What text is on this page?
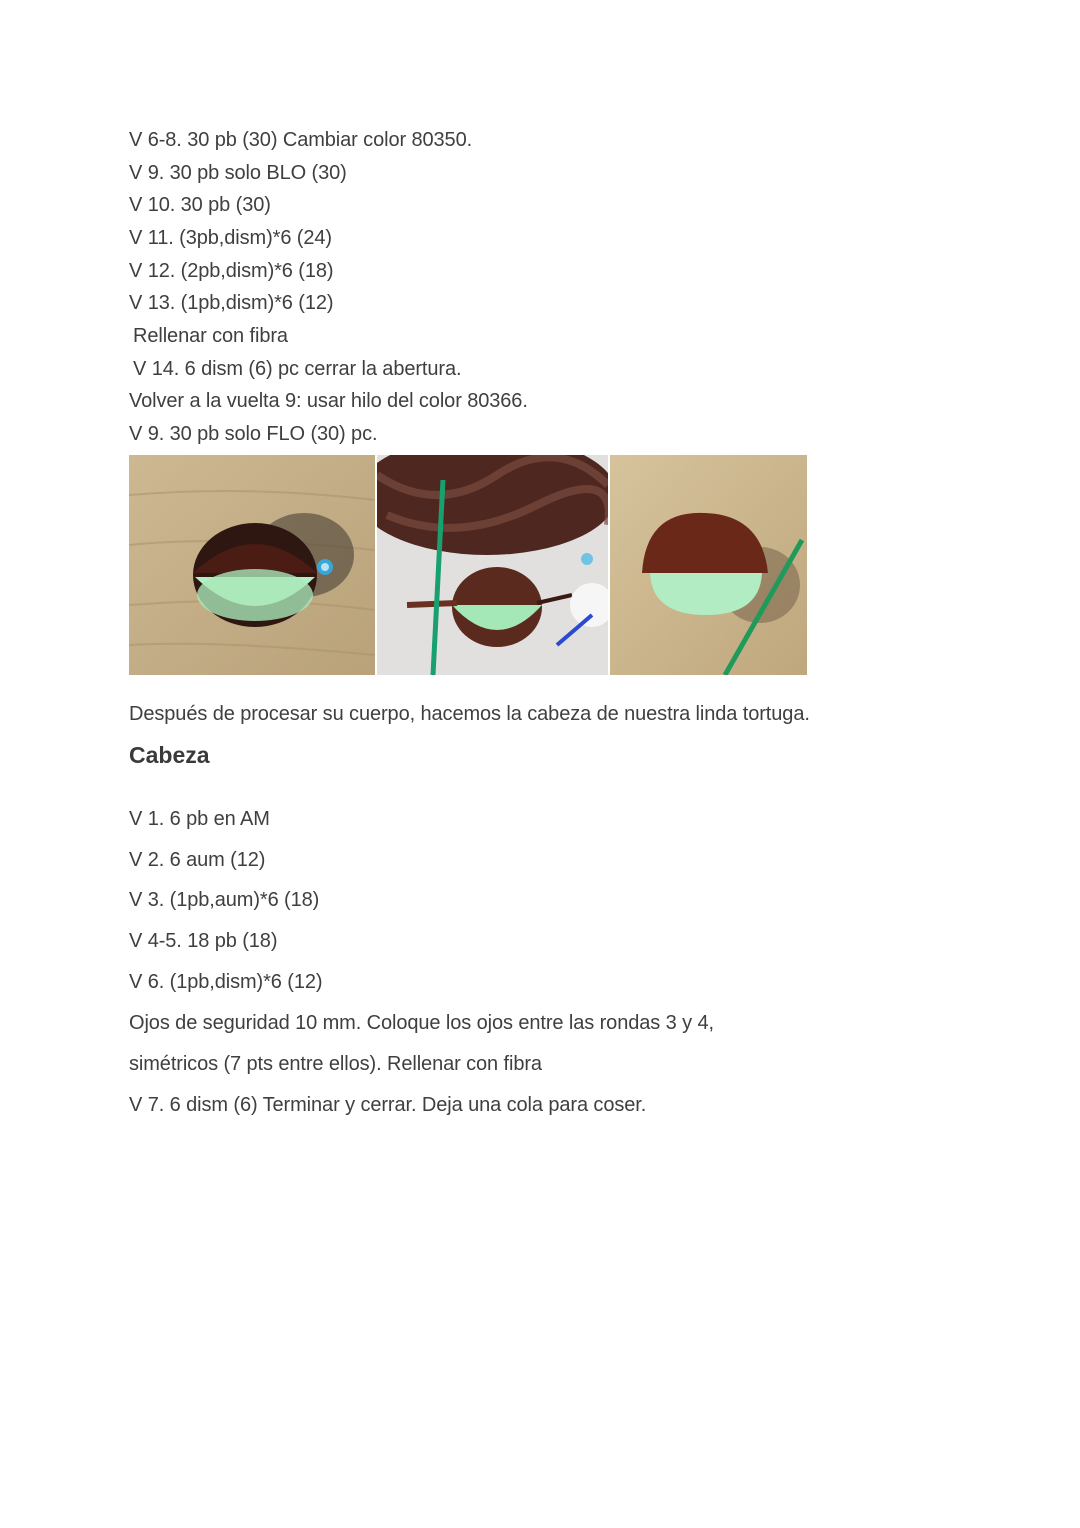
V 6-8. 30 pb (30) Cambiar color 80350.
V 9. 30 pb solo BLO (30)
V 10. 30 pb (30)
V 11. (3pb,dism)*6 (24)
V 12. (2pb,dism)*6 (18)
V 13. (1pb,dism)*6 (12)
Rellenar con fibra
V 14. 6 dism (6) pc cerrar la abertura.
Volver a la vuelta 9: usar hilo del color 80366.
V 9. 30 pb solo FLO (30) pc.
Después de procesar su cuerpo, hacemos la cabeza de nuestra linda tortuga.
Cabeza
V 1. 6 pb en AM
V 2. 6 aum (12)
V 3. (1pb,aum)*6 (18)
V 4-5. 18 pb (18)
V 6. (1pb,dism)*6 (12)
Ojos de seguridad 10 mm. Coloque los ojos entre las rondas 3 y 4,
simétricos (7 pts entre ellos). Rellenar con fibra
V 7. 6 dism (6) Terminar y cerrar. Deja una cola para coser.
